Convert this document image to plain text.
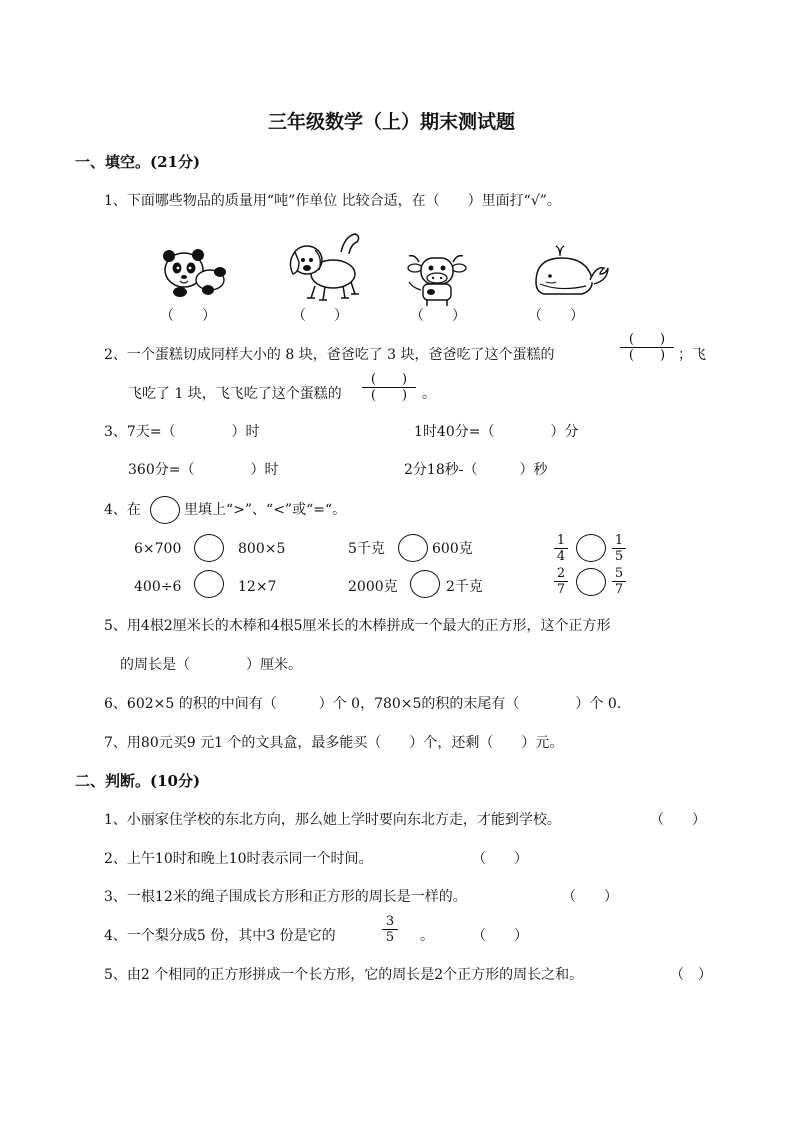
三年级数学（上）期末测试题
一、填空。(21分)
1、下面哪些物品的质量用“吨”作单位 比较合适，在（　　）里面打“√”。
（　　）	（　　）	（　　）	（　　）
2、一个蛋糕切成同样大小的 8 块，爸爸吃了 3 块，爸爸吃了这个蛋糕的
(　　)
(　　) ；飞
飞吃了 1 块，飞飞吃了这个蛋糕的
(　　)
(　　)	。
3、7天=（　　　　）时	1时40分=（　　　　）分
360分=（　　　　）时	2分18秒-（　　　）秒
4、在	里填上“>”、“<”或“=“。
6×700	800×5	5千克	600克	$\frac{1}{4}$	$\frac{1}{5}$
400÷6	12×7	2000克	2千克	$\frac{2}{7}$	$\frac{5}{7}$
5、用4根2厘米长的木棒和4根5厘米长的木棒拼成一个最大的正方形，这个正方形
的周长是（　　　　）厘米。
6、602×5 的积的中间有（　　　）个 0，780×5的积的末尾有（　　　　）个 0.
7、用80元买9 元1 个的文具盒，最多能买（　　）个，还剩（　　）元。
二、判断。(10分)
1、小丽家住学校的东北方向，那么她上学时要向东北方走，才能到学校。	（　　）
2、上午10时和晚上10时表示同一个时间。	（　　）
3、一根12米的绳子围成长方形和正方形的周长是一样的。	（　　）
4、一个梨分成5 份，其中3 份是它的	$\frac{3}{5}$ 。	（　　）
5、由2 个相同的正方形拼成一个长方形，它的周长是2个正方形的周长之和。	（　）
